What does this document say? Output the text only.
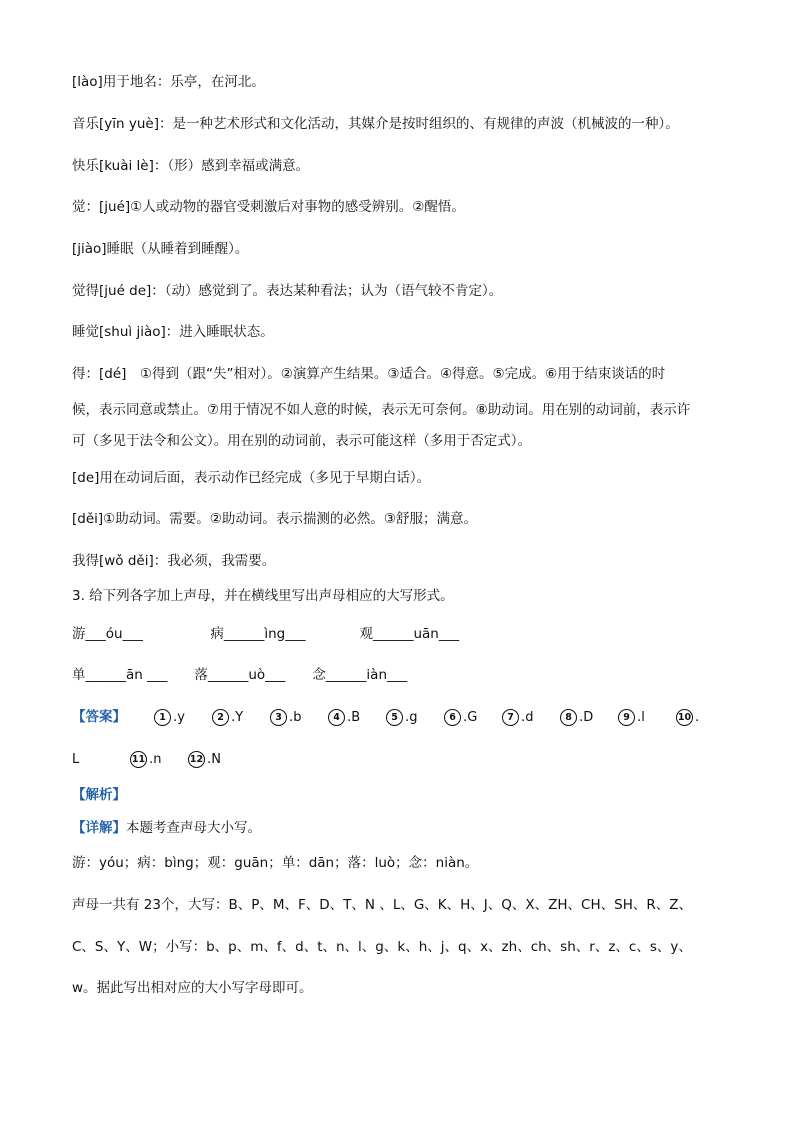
[lào]用于地名：乐亭，在河北。
音乐[yīn yuè]：是一种艺术形式和文化活动，其媒介是按时组织的、有规律的声波（机械波的一种）。
快乐[kuài lè]：（形）感到幸福或满意。
觉：[jué]①人或动物的器官受刺激后对事物的感受辨别。②醒悟。
[jiào]睡眠（从睡着到睡醒）。
觉得[jué de]：（动）感觉到了。表达某种看法；认为（语气较不肯定）。
睡觉[shuì jiào]：进入睡眠状态。
得：[dé]　①得到（跟“失”相对）。②演算产生结果。③适合。④得意。⑤完成。⑥用于结束谈话的时
候，表示同意或禁止。⑦用于情况不如人意的时候，表示无可奈何。⑧助动词。用在别的动词前，表示许
可（多见于法令和公文）。用在别的动词前，表示可能这样（多用于否定式）。
[de]用在动词后面，表示动作已经完成（多见于早期白话）。
[děi]①助动词。需要。②助动词。表示揣测的必然。③舒服；满意。
我得[wǒ děi]：我必须，我需要。
3. 给下列各字加上声母，并在横线里写出声母相应的大写形式。
游___óu___　　　　　病______ìng___　　　　观______uān___
单______ān ___　　落______uò___　　念______iàn___
【答案】	1 .y	2 .Y	3 .b	4 .B	5 .g	6 .G	7 .d	8 .D	9 .l	10 .
L	11 .n	12 .N
【解析】
【详解】本题考查声母大小写。
游：yóu；病：bìng；观：guān；单：dān；落：luò；念：niàn。
声母一共有 23个，大写：B、P、M、F、D、T、N 、L、G、K、H、J、Q、X、ZH、CH、SH、R、Z、
C、S、Y、W；小写：b、p、m、f、d、t、n、l、g、k、h、j、q、x、zh、ch、sh、r、z、c、s、y、
w。据此写出相对应的大小写字母即可。
